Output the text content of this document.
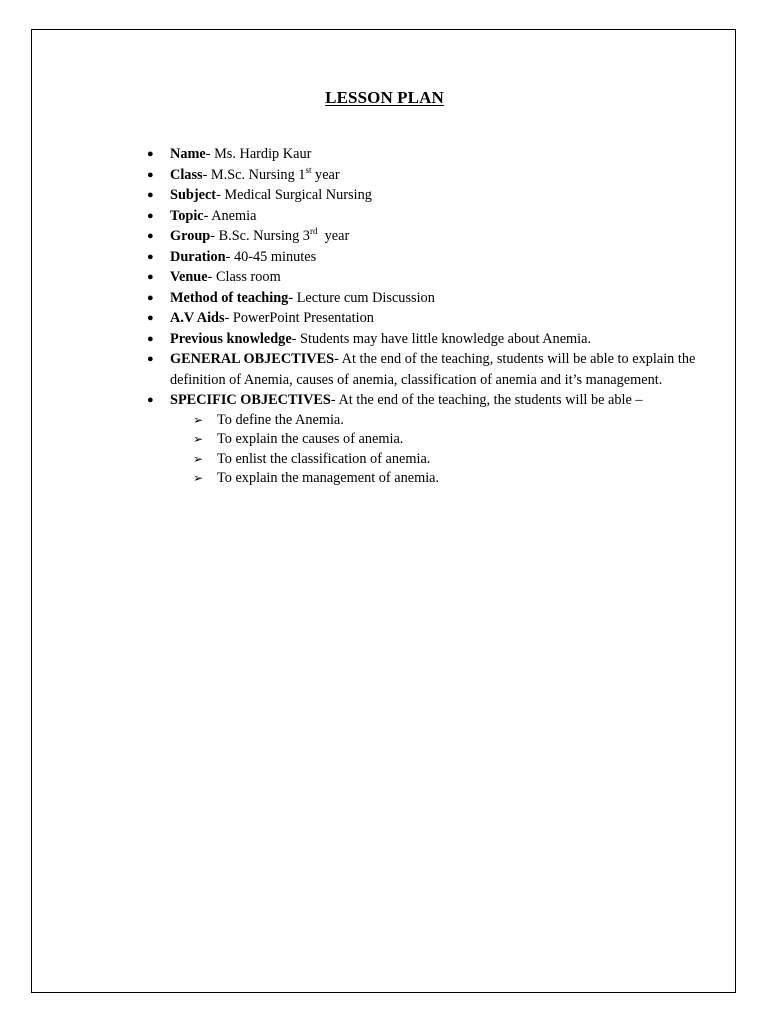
LESSON PLAN
● Name- Ms. Hardip Kaur
● Class- M.Sc. Nursing 1st year
● Subject- Medical Surgical Nursing
● Topic- Anemia
● Group- B.Sc. Nursing 3rd  year
● Duration- 40-45 minutes
● Venue- Class room
● Method of teaching- Lecture cum Discussion
● A.V Aids- PowerPoint Presentation
● Previous knowledge- Students may have little knowledge about Anemia.
● GENERAL OBJECTIVES- At the end of the teaching, students will be able to explain the definition of Anemia, causes of anemia, classification of anemia and it’s management.
● SPECIFIC OBJECTIVES- At the end of the teaching, the students will be able –
➢ To define the Anemia.
➢ To explain the causes of anemia.
➢ To enlist the classification of anemia.
➢ To explain the management of anemia.
